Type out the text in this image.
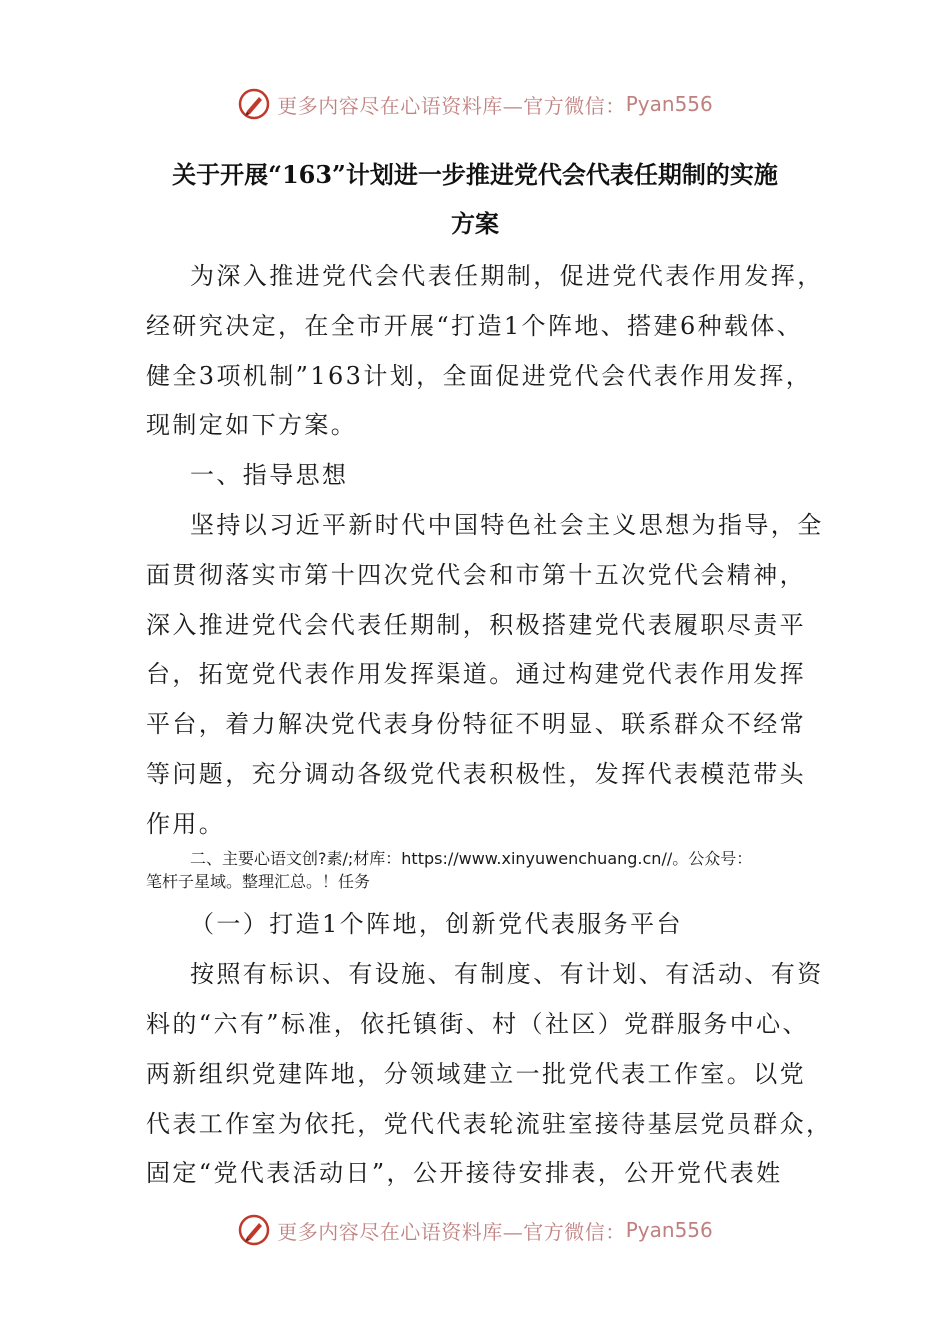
更多内容尽在心语资料库—官方微信： Pyan556
关于开展“163”计划进一步推进党代会代表任期制的实施
方案
为深入推进党代会代表任期制，促进党代表作用发挥，
经研究决定，在全市开展“打造1个阵地、搭建6种载体、
健全3项机制”163计划，全面促进党代会代表作用发挥，
现制定如下方案。
一、指导思想
坚持以习近平新时代中国特色社会主义思想为指导，全
面贯彻落实市第十四次党代会和市第十五次党代会精神，
深入推进党代会代表任期制，积极搭建党代表履职尽责平
台，拓宽党代表作用发挥渠道。通过构建党代表作用发挥
平台，着力解决党代表身份特征不明显、联系群众不经常
等问题，充分调动各级党代表积极性，发挥代表模范带头
作用。
二、主要心语文创?素/;材库：https://www.xinyuwenchuang.cn//。公众号：
笔杆子星域。整理汇总。！任务
（一）打造1个阵地，创新党代表服务平台
按照有标识、有设施、有制度、有计划、有活动、有资
料的“六有”标准，依托镇街、村（社区）党群服务中心、
两新组织党建阵地，分领域建立一批党代表工作室。以党
代表工作室为依托，党代代表轮流驻室接待基层党员群众，
固定“党代表活动日”，公开接待安排表，公开党代表姓
更多内容尽在心语资料库—官方微信： Pyan556
